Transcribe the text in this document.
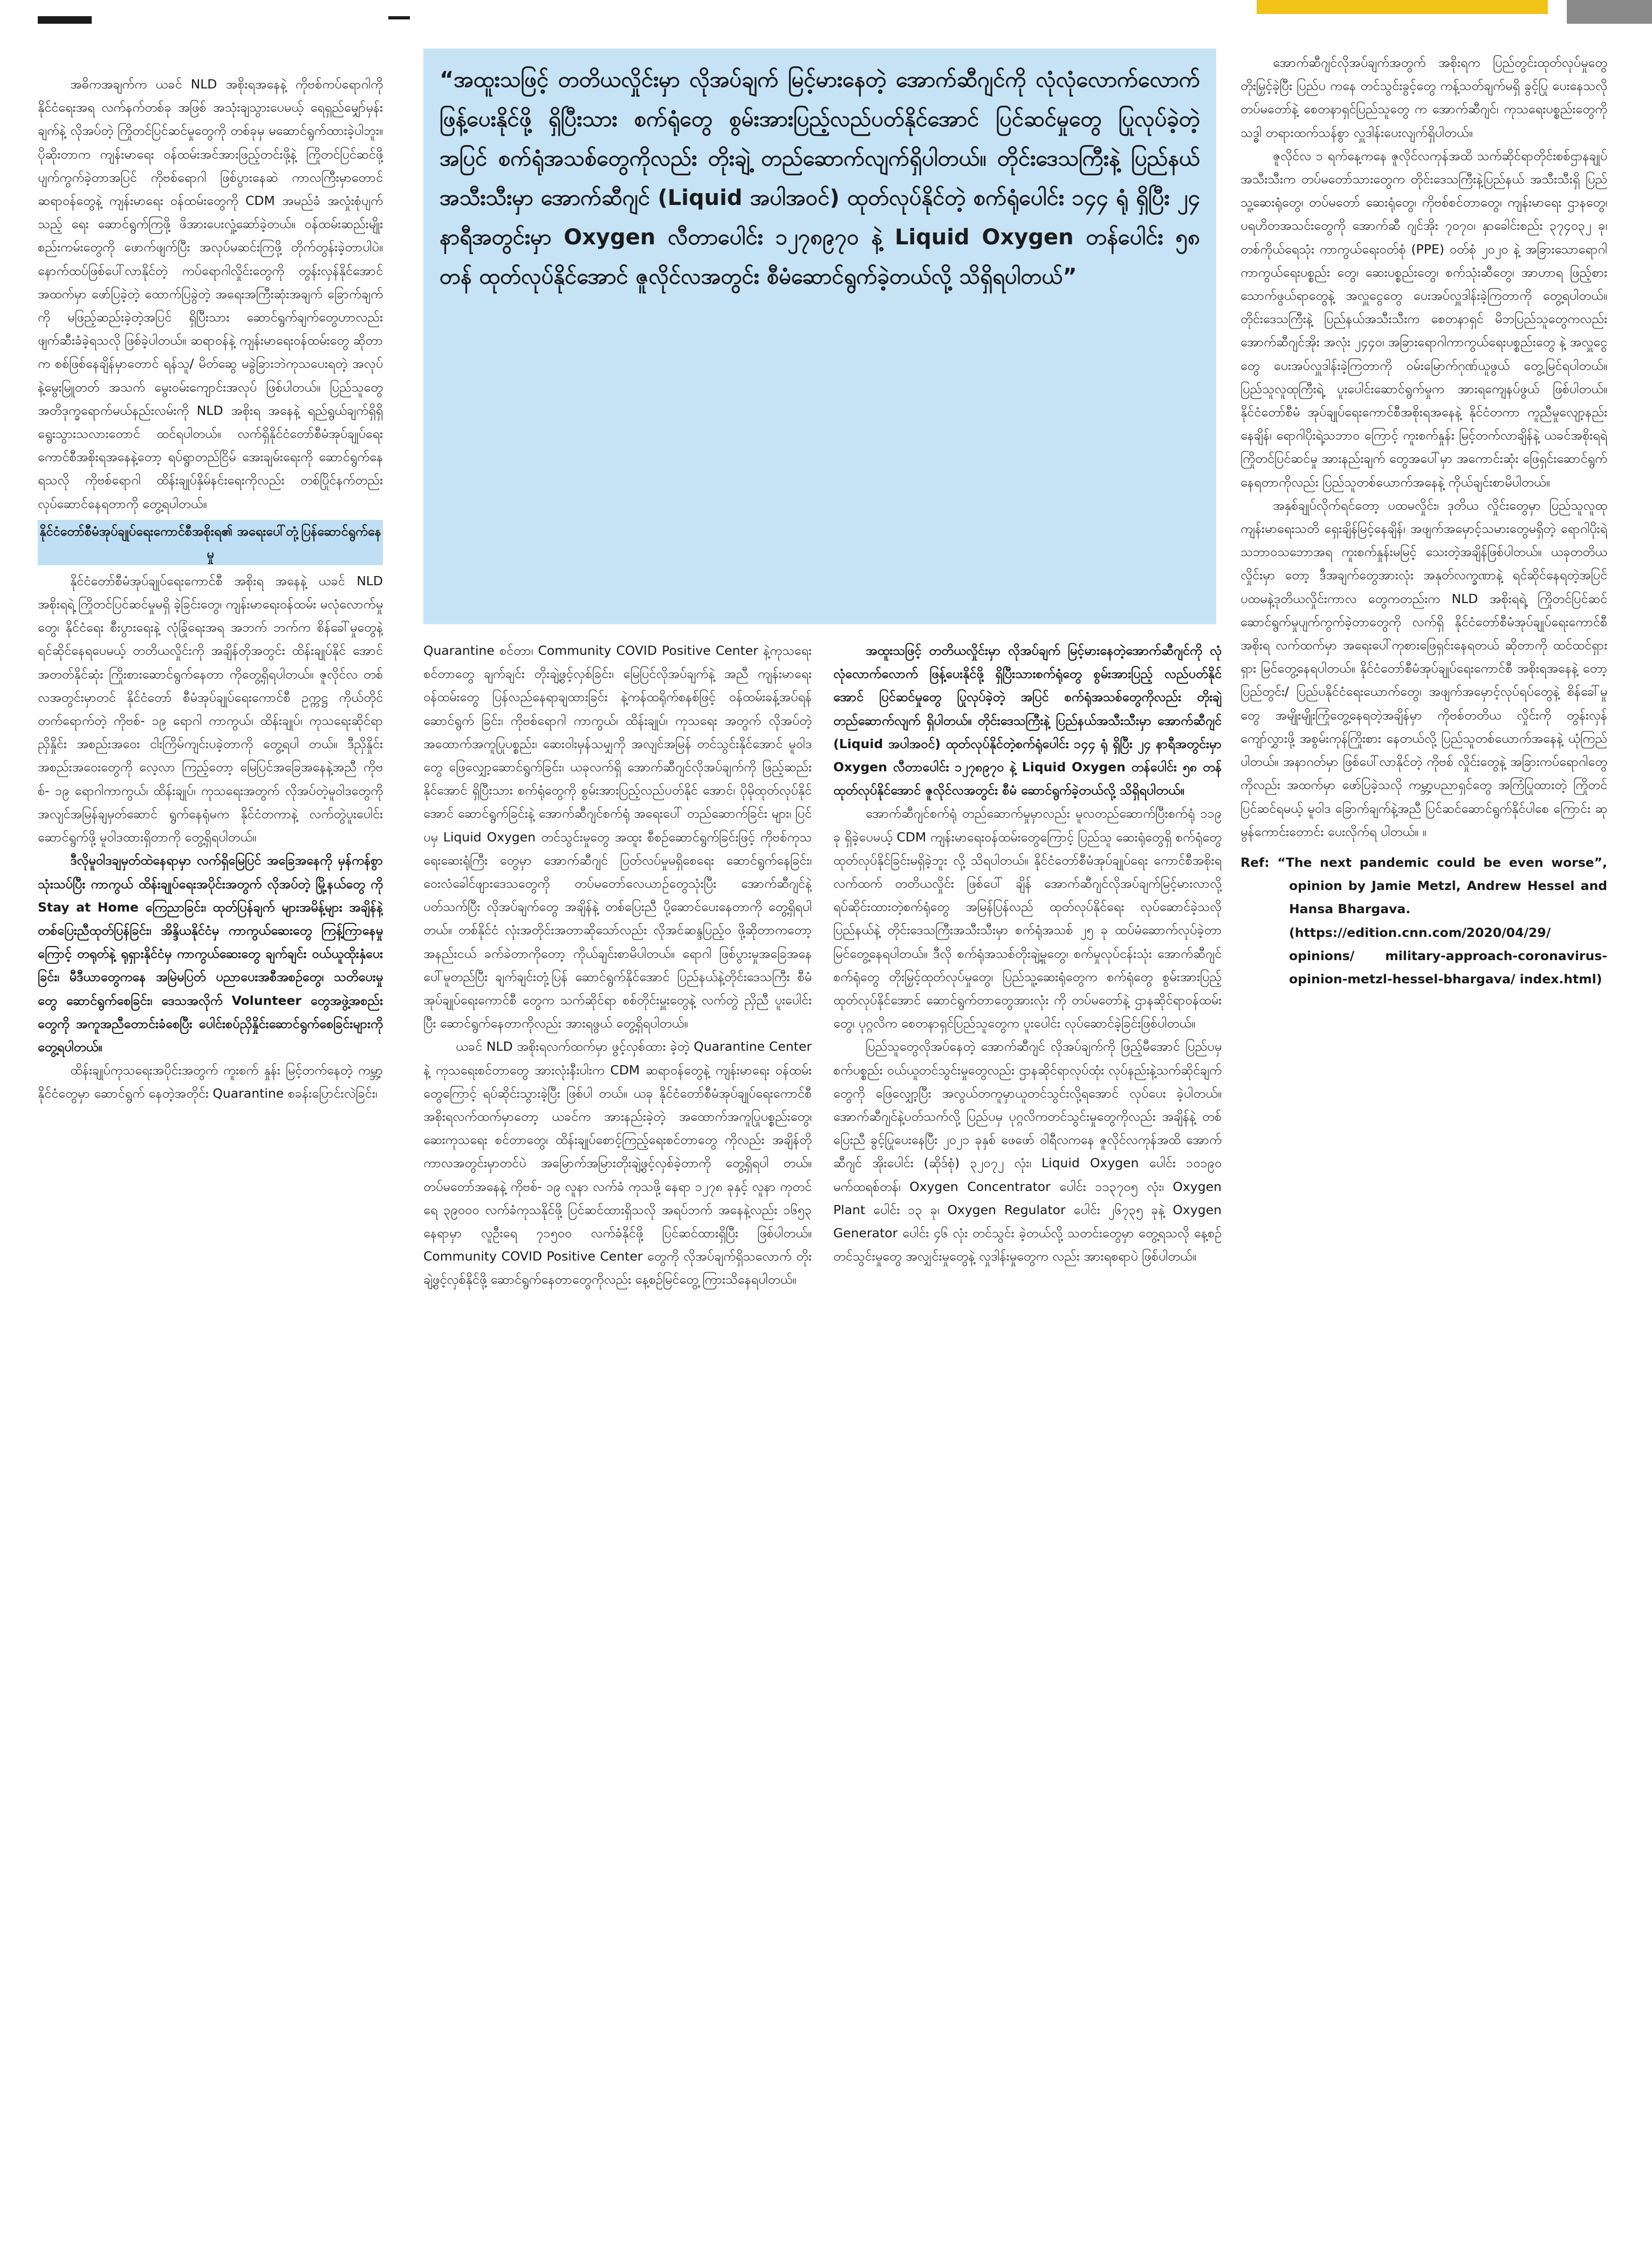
“အထူးသဖြင့် တတိယလှိုင်းမှာ လိုအပ်ချက် မြင့်မားနေတဲ့ အောက်ဆီဂျင်ကို လုံလုံလောက်လောက် ဖြန့်ပေးနိုင်ဖို့ ရှိပြီးသား စက်ရုံတွေ စွမ်းအားပြည့်လည်ပတ်နိုင်အောင် ပြင်ဆင်မှုတွေ ပြုလုပ်ခဲ့တဲ့အပြင် စက်ရုံအသစ်တွေကိုလည်း တိုးချဲ့ တည်ဆောက်လျက်ရှိပါတယ်။ တိုင်းဒေသကြီးနဲ့ ပြည်နယ်အသီးသီးမှာ အောက်ဆီဂျင် (Liquid အပါအဝင်) ထုတ်လုပ်နိုင်တဲ့ စက်ရုံပေါင်း ၁၄၄ ရုံ ရှိပြီး ၂၄ နာရီအတွင်းမှာ Oxygen လီတာပေါင်း ၁၂၇၈၉၇၀ နဲ့ Liquid Oxygen တန်ပေါင်း ၅၈ တန် ထုတ်လုပ်နိုင်အောင် ဇူလိုင်လအတွင်း စီမံဆောင်ရွက်ခဲ့တယ်လို့ သိရှိရပါတယ်”

အဓိကအချက်က ယခင် NLD အစိုးရအနေနဲ့ ကိုဗစ်ကပ်ရောဂါကို နိုင်ငံရေးအရ လက်နက်တစ်ခု အဖြစ် အသုံးချသွားပေမယ့် ရေရှည်မျှော်မှန်းချက်နဲ့ လိုအပ်တဲ့ ကြိုတင်ပြင်ဆင်မှုတွေကို တစ်ခုမှ မဆောင်ရွက်ထားခဲ့ပါဘူး။ ပိုဆိုးတာက ကျန်းမာရေး ဝန်ထမ်းအင်အားဖြည့်တင်းဖို့နဲ့ ကြိုတင်ပြင်ဆင်ဖို့ ပျက်ကွက်ခဲ့တာအပြင် ကိုဗစ်ရောဂါ ဖြစ်ပွားနေဆဲ ကာလကြီးမှာတောင် ဆရာဝန်တွေနဲ့ ကျန်းမာရေး ဝန်ထမ်းတွေကို CDM အမည်ခံ အလှုံးစုံပျက်သည့် ရေး ဆောင်ရွက်ကြဖို့ ဖိအားပေးလှုံ့ဆော်ခဲ့တယ်။ ဝန်ထမ်းဆည်းမျိုးစည်းကမ်းတွေကို ဖောက်ဖျက်ပြီး အလုပ်မဆင်းကြဖို့ တိုက်တွန်းခဲ့တာပါပဲ။ နောက်ထပ်ဖြစ်ပေါ်လာနိုင်တဲ့ ကပ်ရောဂါလှိုင်းတွေကို တွန်းလှန်နိုင်အောင် အထက်မှာ ဖော်ပြခဲ့တဲ့ ထောက်ပြခွဲတဲ့ အရေးအကြီးဆုံးအချက် ခြောက်ချက်ကို မဖြည့်ဆည်းခဲ့တဲ့အပြင် ရှိပြီးသား ဆောင်ရွက်ချက်တွေဟာလည်း ဖျက်ဆီးခံခဲ့ရသလို ဖြစ်ခဲ့ပါတယ်။ ဆရာဝန်နဲ့ ကျန်းမာရေးဝန်ထမ်းတွေ ဆိုတာက စစ်ဖြစ်နေချိန်မှာတောင် ရန်သူ/ မိတ်ဆွေ မခွဲခြားဘဲကုသပေးရတဲ့ အလုပ်နဲ့မွေးမြူတတ် အသက် မွေးဝမ်းကျောင်းအလုပ် ဖြစ်ပါတယ်။ ပြည်သူတွေ အတိဒုက္ခရောက်မယ်နည်းလမ်းကို NLD အစိုးရ အနေနဲ့ ရည်ရွယ်ချက်ရှိရှိ ရွေးသွားသလားတောင် ထင်ရပါတယ်။ လက်ရှိနိုင်ငံတော်စီမံအုပ်ချုပ်ရေး ကောင်စီအစိုးရအနေနဲ့တော့ ရပ်ရွာတည်ငြိမ် အေးချမ်းရေးကို ဆောင်ရွက်နေရသလို ကိုဗစ်ရောဂါ ထိန်းချုပ်နှိမ်နင်းရေးကိုလည်း တစ်ပြိုင်နက်တည်း လုပ်ဆောင်နေရတာကို တွေ့ရပါတယ်။

နိုင်ငံတော်စီမံအုပ်ချုပ်ရေးကောင်စီအစိုးရ၏ အရေးပေါ်တုံ့ပြန်ဆောင်ရွက်နေမှု

နိုင်ငံတော်စီမံအုပ်ချုပ်ရေးကောင်စီ အစိုးရ အနေနဲ့ ယခင် NLD အစိုးရရဲ့ ကြိုတင်ပြင်ဆင်မှုမရှိ ခဲ့ခြင်းတွေ၊ ကျန်းမာရေးဝန်ထမ်း မလုံလောက်မှု တွေ၊ နိုင်ငံရေး စီးပွားရေးနဲ့ လုံခြုံရေးအရ အဘက် ဘက်က စိန်ခေါ်မှုတွေနဲ့ ရင်ဆိုင်နေရပေမယ့် တတိယလှိုင်းကို အချိန်တိုအတွင်း ထိန်းချုပ်နိုင် အောင်အတတ်နိုင်ဆုံး ကြိုးစားဆောင်ရွက်နေတာ ကိုတွေ့ရှိရပါတယ်။ ဇူလိုင်လ တစ်လအတွင်းမှာတင် နိုင်ငံတော် စီမံအုပ်ချုပ်ရေးကောင်စီ ဥက္ကဋ္ဌ ကိုယ်တိုင် တက်ရောက်တဲ့ ကိုဗစ်- ၁၉ ရောဂါ ကာကွယ်၊ ထိန်းချုပ်၊ ကုသရေးဆိုင်ရာ ညှိနှိုင်း အစည်းအဝေး ငါးကြိမ်ကျင်းပခဲ့တာကို တွေ့ရပါ တယ်။ ဒီညှိနှိုင်းအစည်းအဝေးတွေကို လေ့လာ ကြည့်တော့ မြေပြင်အခြေအနေနဲ့အညီ ကိုဗစ်- ၁၉ ရောဂါကာကွယ်၊ ထိန်းချုပ်၊ ကုသရေးအတွက် လိုအပ်တဲ့မူဝါဒတွေကို အလျင်အမြန်ချမှတ်ဆောင် ရွက်နေရုံမက နိုင်ငံတကာနဲ့ လက်တွဲပူးပေါင်း ဆောင်ရွက်ဖို့ မူဝါဒထားရှိတာကို တွေ့ရှိရပါတယ်။

ဒီလိုမူဝါဒချမှတ်ထဲနေရာမှာ လက်ရှိမြေပြင် အခြေအနေကို မှန်ကန်စွာသုံးသပ်ပြီး ကာကွယ် ထိန်းချုပ်ရေးအပိုင်းအတွက် လိုအပ်တဲ့ မြို့နယ်တွေ ကို Stay at Home ကြေညာခြင်း၊ ထုတ်ပြန်ချက် များအမိန့်များ အချိန်နဲ့တစ်ပြေးညီထုတ်ပြန်ခြင်း၊ အိန္ဒိယနိုင်ငံမှ ကာကွယ်ဆေးတွေ ကြန့်ကြာနေမှု ကြောင့် တရုတ်နဲ့ ရုရှားနိုင်ငံမှ ကာကွယ်ဆေးတွေ ချက်ချင်း ဝယ်ယူထိုးနှံပေးခြင်း၊ မီဒီယာတွေကနေ အမြဲမပြတ် ပညာပေးအစီအစဉ်တွေ၊ သတိပေးမှု တွေ ဆောင်ရွက်စေခြင်း၊ ဒေသအလိုက် Volunteer တွေအဖွဲ့အစည်းတွေကို အကူအညီတောင်းခံစေပြီး ပေါင်းစပ်ညှိနှိုင်းဆောင်ရွက်စေခြင်းများကို တွေ့ရပါတယ်။

ထိန်းချုပ်ကုသရေးအပိုင်းအတွက် ကူးစက် နှုန်း မြင့်တက်နေတဲ့ ကမ္ဘာ့နိုင်ငံတွေမှာ ဆောင်ရွက် နေတဲ့အတိုင်း Quarantine စခန်းပြောင်းလဲခြင်း၊

Quarantine စင်တာ၊ Community COVID Positive Center နဲ့ကုသရေးစင်တာတွေ ချက်ချင်း တိုးချဲ့ဖွင့်လှစ်ခြင်း၊ မြေပြင်လိုအပ်ချက်နဲ့ အညီ ကျန်းမာရေးဝန်ထမ်းတွေ ပြန်လည်နေရာချထားခြင်း နဲ့ကန်ထရိုက်စနစ်ဖြင့် ဝန်ထမ်းခန့်အပ်ရန် ဆောင်ရွက် ခြင်း၊ ကိုဗစ်ရောဂါ ကာကွယ်၊ ထိန်းချုပ်၊ ကုသရေး အတွက် လိုအပ်တဲ့ အထောက်အကူပြုပစ္စည်း၊ ဆေးဝါးမှန်သမျှကို အလျင်အမြန် တင်သွင်းနိုင်အောင် မူဝါဒတွေ ဖြေလျှော့ဆောင်ရွက်ခြင်း၊ ယခုလက်ရှိ အောက်ဆီဂျင်လိုအပ်ချက်ကို ဖြည့်ဆည်းနိုင်အောင် ရှိပြီးသား စက်ရုံတွေကို စွမ်းအားပြည့်လည်ပတ်နိုင် အောင်၊ ပိုမိုထုတ်လုပ်နိုင်အောင် ဆောင်ရွက်ခြင်းနဲ့ အောက်ဆီဂျင်စက်ရုံ အရေးပေါ် တည်ဆောက်ခြင်း များ၊ ပြင်ပမှ Liquid Oxygen တင်သွင်းမှုတွေ အထူး စီစဉ်ဆောင်ရွက်ခြင်းဖြင့် ကိုဗစ်ကုသရေးဆေးရုံကြီး တွေမှာ အောက်ဆီဂျင် ပြတ်လပ်မှုမရှိစေရေး ဆောင်ရွက်နေခြင်း၊ ဝေးလံခေါင်ဖျားဒေသတွေကို တပ်မတော်လေယာဉ်တွေသုံးပြီး အောက်ဆီဂျင်နဲ့ ပတ်သက်ပြီး လိုအပ်ချက်တွေ အချိန်နဲ့ တစ်ပြေးညီ ပို့ဆောင်ပေးနေတာကို တွေ့ရှိရပါတယ်။ တစ်နိုင်ငံ လုံးအတိုင်းအတာဆိုသော်လည်း လိုအင်ဆန္ဒပြည့်ဝ ဖို့ဆိုတာကတော့ အနည်းငယ် ခက်ခဲတာကိုတော့ ကိုယ်ချင်းစာမိပါတယ်။ ရောဂါ ဖြစ်ပွားမှုအခြေအနေ ပေါ်မူတည်ပြီး ချက်ချင်းတုံ့ပြန် ဆောင်ရွက်နိုင်အောင် ပြည်နယ်နဲ့တိုင်းဒေသကြီး စီမံအုပ်ချုပ်ရေးကောင်စီ တွေက သက်ဆိုင်ရာ စစ်တိုင်းမှူးတွေနဲ့ လက်တွဲ ညှိညီ ပူးပေါင်းပြီး ဆောင်ရွက်နေတာကိုလည်း အားရဖွယ် တွေ့ရှိရပါတယ်။

ယခင် NLD အစိုးရလက်ထက်မှာ ဖွင့်လှစ်ထား ခဲ့တဲ့ Quarantine Center နဲ့ ကုသရေးစင်တာတွေ အားလုံးနီးပါးက CDM ဆရာဝန်တွေနဲ့ ကျန်းမာရေး ဝန်ထမ်းတွေကြောင့် ရပ်ဆိုင်းသွားခဲ့ပြီး ဖြစ်ပါ တယ်။ ယခု နိုင်ငံတော်စီမံအုပ်ချုပ်ရေးကောင်စီ အစိုးရလက်ထက်မှာတော့ ယခင်က အားနည်းခဲ့တဲ့ အထောက်အကူပြုပစ္စည်းတွေ၊ ဆေးကုသရေး စင်တာတွေ၊ ထိန်းချုပ်စောင့်ကြည့်ရေးစင်တာတွေ ကိုလည်း အချိန်တိုကာလအတွင်းမှာတင်ပဲ အမြောက်အမြားတိုးချဲ့ဖွင့်လှစ်ခဲ့တာကို တွေ့ရှိရပါ တယ်။ တပ်မတော်အနေနဲ့ ကိုဗစ်- ၁၉ လူနာ လက်ခံ ကုသဖို့ နေရာ ၁၂၇၈ ခုနှင့် လူနာ ကုတင်ရေ ၃၉၀၀၀ လက်ခံကုသနိုင်ဖို့ ပြင်ဆင်ထားရှိသလို အရပ်ဘက် အနေနဲ့လည်း ၁၆၅၃ နေရာမှာ လူဦးရေ ၇၁၅၀၀ လက်ခံနိုင်ဖို့ ပြင်ဆင်ထားရှိပြီး ဖြစ်ပါတယ်။ Community COVID Positive Center တွေကို လိုအပ်ချက်ရှိသလောက် တိုးချဲ့ဖွင့်လှစ်နိုင်ဖို့ ဆောင်ရွက်နေတာတွေကိုလည်း နေ့စဉ်မြင်တွေ့ ကြားသိနေရပါတယ်။

အထူးသဖြင့် တတိယလှိုင်းမှာ လိုအပ်ချက် မြင့်မားနေတဲ့အောက်ဆီဂျင်ကို လုံလုံလောက်လောက် ဖြန့်ပေးနိုင်ဖို့ ရှိပြီးသားစက်ရုံတွေ စွမ်းအားပြည့် လည်ပတ်နိုင်အောင် ပြင်ဆင်မှုတွေ ပြုလုပ်ခဲ့တဲ့ အပြင် စက်ရုံအသစ်တွေကိုလည်း တိုးချဲ့ တည်ဆောက်လျက် ရှိပါတယ်။ တိုင်းဒေသကြီးနဲ့ ပြည်နယ်အသီးသီးမှာ အောက်ဆီဂျင် (Liquid အပါအဝင်) ထုတ်လုပ်နိုင်တဲ့စက်ရုံပေါင်း ၁၄၄ ရုံ ရှိပြီး ၂၄ နာရီအတွင်းမှာ Oxygen လီတာပေါင်း ၁၂၇၈၉၇၀ နဲ့ Liquid Oxygen တန်ပေါင်း ၅၈ တန် ထုတ်လုပ်နိုင်အောင် ဇူလိုင်လအတွင်း စီမံ ဆောင်ရွက်ခဲ့တယ်လို့ သိရှိရပါတယ်။

အောက်ဆီဂျင်စက်ရုံ တည်ဆောက်မှုမှာလည်း မူလတည်ဆောက်ပြီးစက်ရုံ ၁၁၉ ခု ရှိခဲ့ပေမယ့် CDM ကျန်းမာရေးဝန်ထမ်းတွေကြောင့် ပြည်သူ ဆေးရုံတွေရှိ စက်ရုံတွေ ထုတ်လုပ်နိုင်ခြင်းမရှိခဲ့ဘူး လို့ သိရပါတယ်။ နိုင်ငံတော်စီမံအုပ်ချုပ်ရေး ကောင်စီအစိုးရလက်ထက် တတိယလှိုင်း ဖြစ်ပေါ် ချိန် အောက်ဆီဂျင်လိုအပ်ချက်မြင့်မားလာလို့ ရပ်ဆိုင်းထားတဲ့စက်ရုံတွေ အမြန်ပြန်လည် ထုတ်လုပ်နိုင်ရေး လုပ်ဆောင်ခဲ့သလို ပြည်နယ်နဲ့ တိုင်းဒေသကြီးအသီးသီးမှာ စက်ရုံအသစ် ၂၅ ခု ထပ်မံဆောက်လုပ်ခဲ့တာ မြင်တွေ့နေရပါတယ်။ ဒီလို စက်ရုံအသစ်တိုးချဲ့မှုတွေ၊ စက်မှုလုပ်ငန်းသုံး အောက်ဆီဂျင်စက်ရုံတွေ တိုးမြှင့်ထုတ်လုပ်မှုတွေ၊ ပြည်သူ့ဆေးရုံတွေက စက်ရုံတွေ စွမ်းအားပြည့် ထုတ်လုပ်နိုင်အောင် ဆောင်ရွက်တာတွေအားလုံး ကို တပ်မတော်နဲ့ ဌာနဆိုင်ရာဝန်ထမ်းတွေ၊ ပုဂ္ဂလိက စေတနာရှင်ပြည်သူတွေက ပူးပေါင်း လုပ်ဆောင်ခဲ့ခြင်းဖြစ်ပါတယ်။

ပြည်သူတွေလိုအပ်နေတဲ့ အောက်ဆီဂျင် လိုအပ်ချက်ကို ဖြည့်မီအောင် ပြည်ပမှ စက်ပစ္စည်း ဝယ်ယူတင်သွင်းမှုတွေလည်း ဌာနဆိုင်ရာလုပ်ထုံး လုပ်နည်းနဲ့သက်ဆိုင်ချက်တွေကို ဖြေလျှော့ပြီး အလွယ်တကူမှာယူတင်သွင်းလို့ရအောင် လုပ်ပေး ခဲ့ပါတယ်။ အောက်ဆီဂျင်နဲ့ပတ်သက်လို့ ပြည်ပမှ ပုဂ္ဂလိကတင်သွင်းမှုတွေကိုလည်း အချိန်နဲ့ တစ်ပြေးညီ ခွင့်ပြုပေးနေပြီး ၂၀၂၁ ခုနှစ် ဖေဖော် ဝါရီလကနေ ဇူလိုင်လကုန်အထိ အောက်ဆီဂျင် အိုးပေါင်း (ဆိုဒ်စုံ) ၃၂၀၇၂ လုံး၊ Liquid Oxygen ပေါင်း ၁၀၁၉၀ မက်ထရစ်တန်၊ Oxygen Concentrator ပေါင်း ၁၁၃၇၀၅ လုံး၊ Oxygen Plant ပေါင်း ၁၃ ခု၊ Oxygen Regulator ပေါင်း ၂၆၇၃၅ ခုနဲ့ Oxygen Generator ပေါင်း ၄၆ လုံး တင်သွင်း ခဲ့တယ်လို့ သတင်းတွေမှာ တွေ့ရသလို နေ့စဉ် တင်သွင်းမှုတွေ အလျှင်းမှုတွေနဲ့ လှုဒါန်းမှုတွေက လည်း အားရစရာပဲ ဖြစ်ပါတယ်။

အောက်ဆီဂျင်လိုအပ်ချက်အတွက် အစိုးရက ပြည်တွင်းထုတ်လုပ်မှုတွေ တိုးမြှင့်ခဲ့ပြီး ပြည်ပ ကနေ တင်သွင်းခွင့်တွေ ကန့်သတ်ချက်မရှိ ခွင့်ပြု ပေးနေသလို တပ်မတော်နဲ့ စေတနာရှင်ပြည်သူတွေ က အောက်ဆီဂျင်၊ ကုသရေးပစ္စည်းတွေကို သဒ္ဓါ တရားထက်သန်စွာ လှူဒါန်းပေးလျက်ရှိပါတယ်။

ဇူလိုင်လ ၁ ရက်နေ့ကနေ ဇူလိုင်လကုန်အထိ သက်ဆိုင်ရာတိုင်းစစ်ဌာနချုပ် အသီးသီးက တပ်မတော်သားတွေက တိုင်းဒေသကြီးနဲ့ပြည်နယ် အသီးသီးရှိ ပြည်သူ့ဆေးရုံတွေ၊ တပ်မတော် ဆေးရုံတွေ၊ ကိုဗစ်စင်တာတွေ၊ ကျန်းမာရေး ဌာနတွေ၊ ပရဟိတအသင်းတွေကို အောက်ဆီ ဂျင်အိုး ၇၀၇၀၊ နှာခေါင်းစည်း ၃၇၄၀၃၂ ခု၊ တစ်ကိုယ်ရေသုံး ကာကွယ်ရေးဝတ်စုံ (PPE) ဝတ်စုံ ၂၀၂၀ နဲ့ အခြားသောရောဂါကာကွယ်ရေးပစ္စည်း တွေ၊ ဆေးပစ္စည်းတွေ၊ စက်သုံးဆီတွေ၊ အာဟာရ ဖြည့်စားသောက်ဖွယ်ရာတွေနဲ့ အလှူငွေတွေ ပေးအပ်လှူဒါန်းခဲ့ကြတာကို တွေ့ရပါတယ်။ တိုင်းဒေသကြီးနဲ့ ပြည်နယ်အသီးသီးက စေတနာရှင် မိဘပြည်သူတွေကလည်း အောက်ဆီဂျင်အိုး အလုံး ၂၄၄၀၊ အခြားရောဂါကာကွယ်ရေးပစ္စည်းတွေ နဲ့ အလှူငွေတွေ ပေးအပ်လှူဒါန်းခဲ့ကြတာကို ဝမ်းမြောက်ဂုဏ်ယူဖွယ် တွေ့မြင်ရပါတယ်။ ပြည်သူလူထုကြီးရဲ့ ပူးပေါင်းဆောင်ရွက်မှုက အားရကျေနပ်ဖွယ် ဖြစ်ပါတယ်။ နိုင်ငံတော်စီမံ အုပ်ချုပ်ရေးကောင်စီအစိုးရအနေနဲ့ နိုင်ငံတကာ ကူညီမှုလျော့နည်းနေချိန်၊ ရောဂါပိုးရဲ့သဘာဝ ကြောင့် ကူးစက်နှုန်း မြင့်တက်လာချိန်နဲ့ ယခင်အစိုးရရဲ့ ကြိုတင်ပြင်ဆင်မှု အားနည်းချက် တွေအပေါ်မှာ အကောင်းဆုံး ဖြေရှင်းဆောင်ရွက် နေရတာကိုလည်း ပြည်သူတစ်ယောက်အနေနဲ့ ကိုယ်ချင်းစာမိပါတယ်။

အနှစ်ချုပ်လိုက်ရင်တော့ ပထမလှိုင်း၊ ဒုတိယ လှိုင်းတွေမှာ ပြည်သူလူထုကျန်းမာရေးသတိ ရှေးချိန်မြင့်နေချိန်၊ အဖျက်အမှောင့်သမားတွေမရှိတဲ့ ရောဂါပိုးရဲ့ သဘာဝသဘောအရ ကူးစက်နှုန်းမမြင့် သေးတဲ့အချိန်ဖြစ်ပါတယ်။ ယခုတတိယလှိုင်းမှာ တော့ ဒီအချက်တွေအားလုံး အနုတ်လက္ခဏာနဲ့ ရင်ဆိုင်နေရတဲ့အပြင် ပထမနဲ့ဒုတိယလှိုင်းကာလ တွေကတည်းက NLD အစိုးရရဲ့ ကြိုတင်ပြင်ဆင် ဆောင်ရွက်မှုပျက်ကွက်ခဲ့တာတွေကို လက်ရှိ နိုင်ငံတော်စီမံအုပ်ချုပ်ရေးကောင်စီ အစိုးရ လက်ထက်မှာ အရေးပေါ်ကုစားဖြေရှင်းနေရတယ် ဆိုတာကို ထင်ထင်ရှားရှား မြင်တွေ့နေရပါတယ်။ နိုင်ငံတော်စီမံအုပ်ချုပ်ရေးကောင်စီ အစိုးရအနေနဲ့ တော့ ပြည်တွင်း/ ပြည်ပနိုင်ငံရေးယောက်တွေ၊ အဖျက်အမှောင့်လုပ်ရပ်တွေနဲ့ စိန်ခေါ်မှုတွေ အမျိုးမျိုးကြုံတွေ့နေရတဲ့အချိန်မှာ ကိုဗစ်တတိယ လှိုင်းကို တွန်းလှန်ကျော်လွှားဖို့ အစွမ်းကုန်ကြိုးစား နေတယ်လို့ ပြည်သူတစ်ယောက်အနေနဲ့ ယုံကြည် ပါတယ်။ အနာဂတ်မှာ ဖြစ်ပေါ်လာနိုင်တဲ့ ကိုဗစ် လှိုင်းတွေနဲ့ အခြားကပ်ရောဂါတွေကိုလည်း အထက်မှာ ဖော်ပြခဲ့သလို ကမ္ဘာ့ပညာရှင်တွေ အကြံပြုထားတဲ့ ကြိုတင်ပြင်ဆင်ရမယ့် မူဝါဒ ခြောက်ချက်နဲ့အညီ ပြင်ဆင်ဆောင်ရွက်နိုင်ပါစေ ကြောင်း ဆုမွန်ကောင်းတောင်း ပေးလိုက်ရ ပါတယ်။ ။

Ref: “The next pandemic could be even worse”, opinion by Jamie Metzl, Andrew Hessel and Hansa Bhargava.
(https://edition.cnn.com/2020/04/29/ opinions/ military-approach-coronavirus-opinion-metzl-hessel-bhargava/ index.html)
